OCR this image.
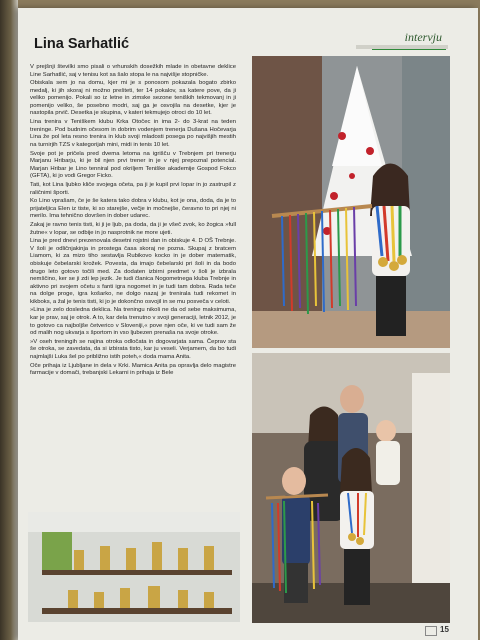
intervju
Lina Sarhatlić

V prejšnji številki smo pisali o vrhunskih dosežkih mlade in obetavne deklice Line Sarhatlić, saj v tenisu kot sa šalo stopa le na najvišje stopničke.

Obiskala sem jo na domu, kjer mi je s ponosom pokazala bogato zbirko medalj, ki jih skoraj ni možno prešteti, ter 14 pokalov, sa katere pove, da ji veliko pomenijo. Pokali so iz letne in zimske sezone teniških tekmovanj in ji pomenijo veliko, še posebno modri, saj ga je osvojila na desetke, kjer je nastopila prvič. Desetka je skupina, v kateri tekmujejo otroci do 10 let.

Lina trenira v Teniškem klubu Krka Otočec in ima 2- do 3-krat na teden treninge. Pod budnim očesom in dobrim vodenjem trenerja Dušana Hočevarja Lina že pol leta resno trenira in klub svoji mladosti posega po najvišjih mestih na turnirjih TZS v kategorijah mini, midi in tenis 10 let.

Svoje pot je pričela pred dvema letoma na igrišču v Trebnjem pri trenerju Marjanu Hribarju, ki je bil njen prvi trener in je v njej prepoznal potencial. Marjan Hribar je Lino tenniral pod okriljem Teniške akademije Gospod Fokco (GFTA), ki jo vodi Gregor Ficko.

Tati, kot Lina ljubko kliče svojega očeta, pa ji je kupil prvi lopar in jo zastrupil z raličnimi športi.

Ko Lino vprašam, če je še katera tako dobra v klubu, kot je ona, doda, da je to prijateljica Elen iz tiste, ki so starejše, večje in močnejše, čeravno to pri njej ni merilo. Ima tehnično dovršen in dober udarec.

Zakaj je ravno tenis tisti, ki ji je ljub, pa doda, da ji je všeč zvok, ko žogica »full žutne« v lopar, se odbije in jo nasprotnik ne more ujeti.

Lina je pred dnevi prezenovala desetni rojstni dan in obiskuje 4. D OŠ Trebnje. V šoli je odličnjakinja in prostega časa skoraj ne pozna. Skupaj z bratcem Liamom, ki za mizo tiho sestavlja Rubikovo kocko in je dober matematik, obiskuje čebelarski krožek. Povesta, da imajo čebelarski pri šoli in da bodo drugo leto gotovo točili med. Za dodaten izbirni predmet v šoli je izbrala nemščino, ker se ji zdi lep jezik. Je tudi članica Nogometnega kluba Trebnje in aktivno pri svojem očetu s fanti igra nogomet in je tudi tam dobra. Rada teče na dolge proge, igra košarko, ne dolgo nazaj je trenirala tudi rekomet in kikboks, a žal je tenis tisti, ki jo je dokončno osvojil in se mu posveča v celoti.

»Lina je zelo dosledna deklica. Na treningu nikoli ne da od sebe maksimuma, kar je prav, saj je otrok. A to, kar dela trenutno v svoji generaciji, letnik 2012, je to gotovo ca najboljše četverico v Sloveniji,« pove njen oče, ki ve tudi sam že od malih nog ukvarja s športom in vso ljubezen prenaša na svoje otroke.

»V oseh treningih se najina otroka odločata in dogovarjata sama. Čeprav sta še otroka, se zavedata, da si izbirata tisto, kar ju veseli. Verjamem, da bo tudi najmlajši Luka šel po približno istih poteh,« doda mama Anita.

Oče prihaja iz Ljubljane in dela v Krki. Mamica Anita pa opravlja delo magistre farmacije v domači, trebanjski Lekarni in prihaja iz Bele

15
